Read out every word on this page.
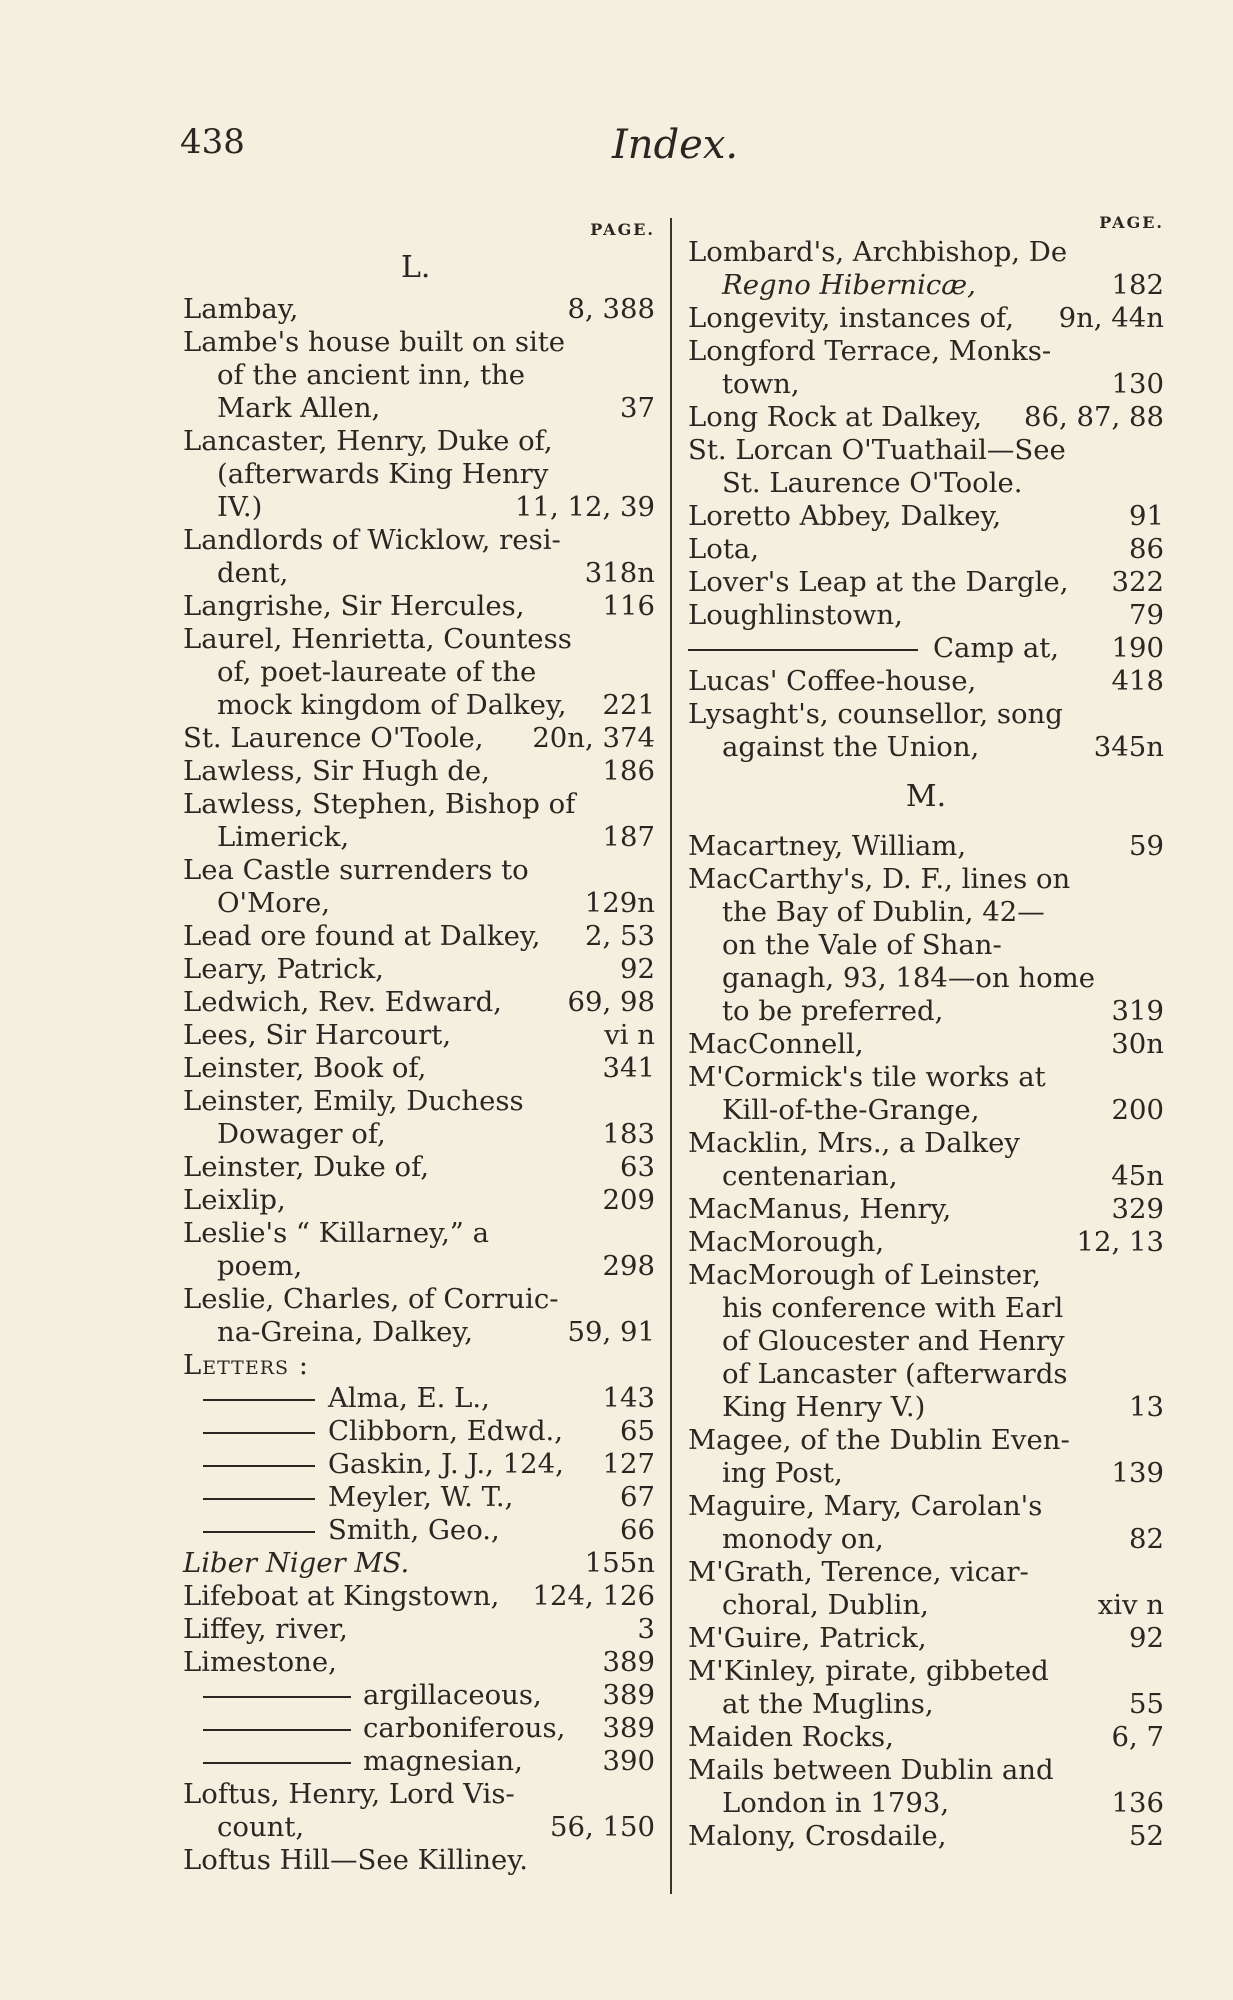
438	Index.
PAGE.
L.
Lambay,	8, 388
Lambe's house built on site
of the ancient inn, the
Mark Allen,	37
Lancaster, Henry, Duke of,
(afterwards King Henry
IV.)	11, 12, 39
Landlords of Wicklow, resi-
dent,	318n
Langrishe, Sir Hercules,	116
Laurel, Henrietta, Countess
of, poet-laureate of the
mock kingdom of Dalkey, 221
St. Laurence O'Toole, 20n, 374
Lawless, Sir Hugh de,	186
Lawless, Stephen, Bishop of
Limerick,	187
Lea Castle surrenders to
O'More,	129n
Lead ore found at Dalkey, 2, 53
Leary, Patrick,	92
Ledwich, Rev. Edward, 69, 98
Lees, Sir Harcourt,	vi n
Leinster, Book of,	341
Leinster, Emily, Duchess
Dowager of,	183
Leinster, Duke of,	63
Leixlip,	209
Leslie's “ Killarney,” a
poem,	298
Leslie, Charles, of Corruic-
na-Greina, Dalkey,	59, 91
Letters :
Alma, E. L.,	143
Clibborn, Edwd., 65
Gaskin, J. J., 124, 127
Meyler, W. T.,	67
Smith, Geo.,	66
Liber Niger MS.	155n
Lifeboat at Kingstown, 124, 126
Liffey, river,	3
Limestone,	389
argillaceous, 389
carboniferous, 389
magnesian,	390
Loftus, Henry, Lord Vis-
count,	56, 150
Loftus Hill—See Killiney.
PAGE.
Lombard's, Archbishop, De
Regno Hibernicæ,	182
Longevity, instances of, 9n, 44n
Longford Terrace, Monks-
town,	130
Long Rock at Dalkey, 86, 87, 88
St. Lorcan O'Tuathail—See
St. Laurence O'Toole.
Loretto Abbey, Dalkey,	91
Lota,	86
Lover's Leap at the Dargle, 322
Loughlinstown,	79
Camp at, 190
Lucas' Coffee-house,	418
Lysaght's, counsellor, song
against the Union,	345n
M.
Macartney, William,	59
MacCarthy's, D. F., lines on
the Bay of Dublin, 42—
on the Vale of Shan-
ganagh, 93, 184—on home
to be preferred,	319
MacConnell,	30n
M'Cormick's tile works at
Kill-of-the-Grange,	200
Macklin, Mrs., a Dalkey
centenarian,	45n
MacManus, Henry,	329
MacMorough,	12, 13
MacMorough of Leinster,
his conference with Earl
of Gloucester and Henry
of Lancaster (afterwards
King Henry V.)	13
Magee, of the Dublin Even-
ing Post,	139
Maguire, Mary, Carolan's
monody on,	82
M'Grath, Terence, vicar-
choral, Dublin,	xiv n
M'Guire, Patrick,	92
M'Kinley, pirate, gibbeted
at the Muglins,	55
Maiden Rocks,	6, 7
Mails between Dublin and
London in 1793,	136
Malony, Crosdaile,	52
